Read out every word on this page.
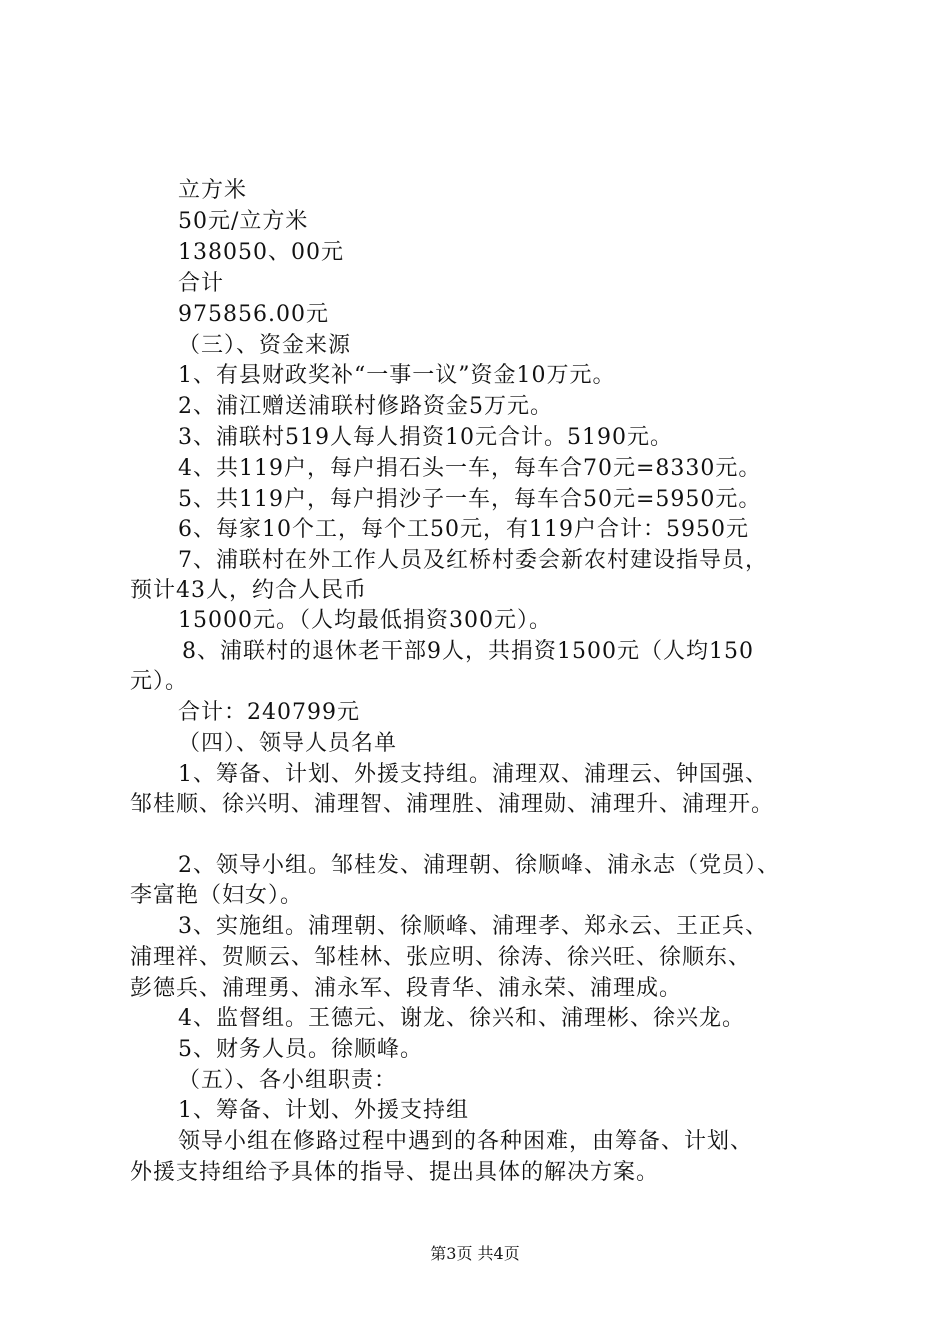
立方米
50元/立方米
138050、00元
合计
975856.00元
（三）、资金来源
1、有县财政奖补“一事一议”资金10万元。
2、浦江赠送浦联村修路资金5万元。
3、浦联村519人每人捐资10元合计。5190元。
4、共119户，每户捐石头一车，每车合70元=8330元。
5、共119户，每户捐沙子一车，每车合50元=5950元。
6、每家10个工，每个工50元，有119户合计：5950元
7、浦联村在外工作人员及红桥村委会新农村建设指导员，
预计43人，约合人民币
15000元。（人均最低捐资300元）。
8、浦联村的退休老干部9人，共捐资1500元（人均150
元）。
合计：240799元
（四）、领导人员名单
1、筹备、计划、外援支持组。浦理双、浦理云、钟国强、
邹桂顺、徐兴明、浦理智、浦理胜、浦理勋、浦理升、浦理开。
2、领导小组。邹桂发、浦理朝、徐顺峰、浦永志（党员）、
李富艳（妇女）。
3、实施组。浦理朝、徐顺峰、浦理孝、郑永云、王正兵、
浦理祥、贺顺云、邹桂林、张应明、徐涛、徐兴旺、徐顺东、
彭德兵、浦理勇、浦永军、段青华、浦永荣、浦理成。
4、监督组。王德元、谢龙、徐兴和、浦理彬、徐兴龙。
5、财务人员。徐顺峰。
（五）、各小组职责：
1、筹备、计划、外援支持组
领导小组在修路过程中遇到的各种困难，由筹备、计划、
外援支持组给予具体的指导、提出具体的解决方案。
第3页 共4页
